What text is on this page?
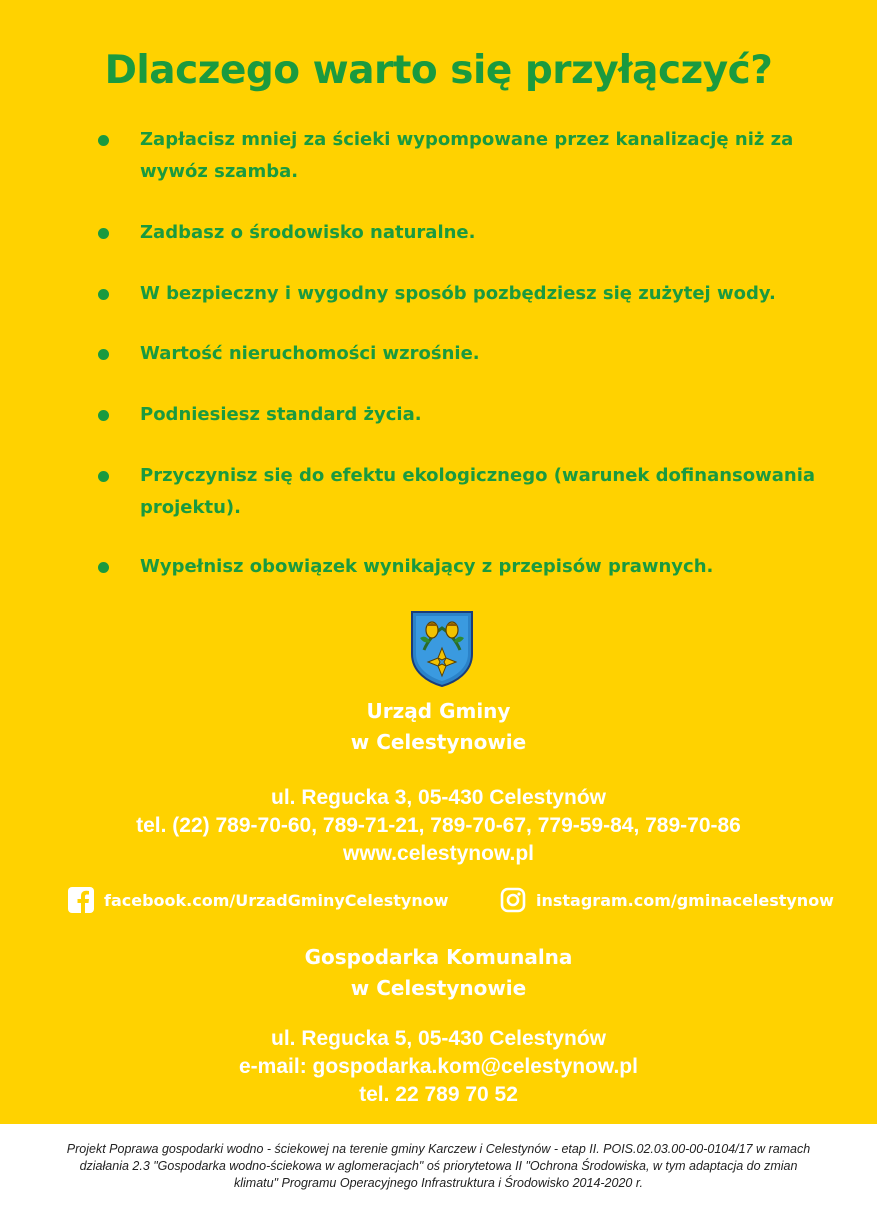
Dlaczego warto się przyłączyć?
Zapłacisz mniej za ścieki wypompowane przez kanalizację niż za wywóz szamba.
Zadbasz o środowisko naturalne.
W bezpieczny i wygodny sposób pozbędziesz się zużytej wody.
Wartość nieruchomości wzrośnie.
Podniesiesz standard życia.
Przyczynisz się do efektu ekologicznego (warunek dofinansowania projektu).
Wypełnisz obowiązek wynikający z przepisów prawnych.
Urząd Gminy
w Celestynowie
ul. Regucka 3, 05-430 Celestynów
tel. (22) 789-70-60, 789-71-21, 789-70-67, 779-59-84, 789-70-86
www.celestynow.pl
facebook.com/UrzadGminyCelestynow	instagram.com/gminacelestynow
Gospodarka Komunalna
w Celestynowie
ul. Regucka 5, 05-430 Celestynów
e-mail: gospodarka.kom@celestynow.pl
tel. 22 789 70 52
Projekt Poprawa gospodarki wodno - ściekowej na terenie gminy Karczew i Celestynów - etap II. POIS.02.03.00-00-0104/17 w ramach działania 2.3 "Gospodarka wodno-ściekowa w aglomeracjach" oś priorytetowa II "Ochrona Środowiska, w tym adaptacja do zmian klimatu" Programu Operacyjnego Infrastruktura i Środowisko 2014-2020 r.
